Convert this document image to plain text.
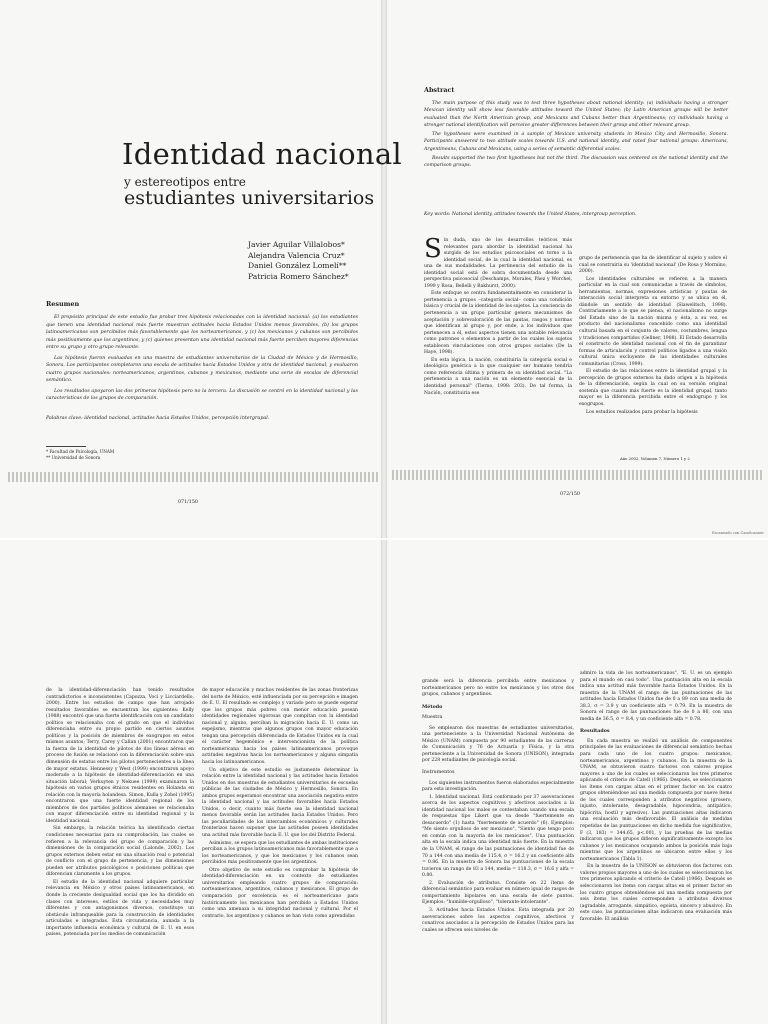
Identidad nacional
y estereotipos entre
estudiantes universitarios
Javier Aguilar Villalobos*
Alejandra Valencia Cruz*
Daniel González Lomelí**
Patricia Romero Sánchez*
Resumen

El propósito principal de este estudio fue probar tres hipótesis relacionadas con la identidad nacional: (a) los estudiantes que tienen una identidad nacional más fuerte muestran actitudes hacia Estados Unidos menos favorables, (b) los grupos latinoamericanos son percibidos más favorablemente que los norteamericanos, y (c) los mexicanos y cubanos son percibidos más positivamente que los argentinos, y (c) quienes presentan una identidad nacional más fuerte perciben mayores diferencias entre su grupo y otro grupo relevante.

Las hipótesis fueron evaluadas en una muestra de estudiantes universitarios de la Ciudad de México y de Hermosillo, Sonora. Los participantes completaron una escala de actitudes hacia Estados Unidos y otra de identidad nacional, y evaluaron cuatro grupos nacionales: norteamericanos, argentinos, cubanos y mexicanos, mediante una serie de escalas de diferencial semántico.

Los resultados apoyaron las dos primeras hipótesis pero no la tercera. La discusión se centró en la identidad nacional y las características de los grupos de comparación.

Palabras clave: identidad nacional, actitudes hacia Estados Unidos, percepción intergrupal.
* Facultad de Psicología, UNAM
** Universidad de Sonora
071/150
Abstract

The main purpose of this study was to test three hypotheses about national identity: (a) individuals having a stronger Mexican identity will show less favorable attitudes toward the United States; (b) Latin American groups will be better evaluated than the North American group, and Mexicans and Cubans better than Argentineans; (c) individuals having a stronger national identification will perceive greater differences between their group and other relevant group.

The hypotheses were examined in a sample of Mexican university students in Mexico City and Hermosillo, Sonora. Participants answered to two attitude scales towards U.S. and national identity, and rated four national groups: Americans, Argentineans, Cubans and Mexicans, using a series of semantic differential scales.

Results supported the two first hypotheses but not the third. The discussion was centered on the national identity and the comparison groups.

Key words: National identity, attitudes towards the United States, intergroup perception.

Sin duda, uno de los desarrollos teóricos más relevantes para abordar la identidad nacional ha surgido de los estudios psicosociales en torno a la identidad social, de la cual la identidad nacional, es una de sus modalidades. La pertinencia del estudio de la identidad social está de sobra documentada desde una perspectiva psicosocial (Deschamps, Morales, Páez y Worchel, 1999 y Rosa, Bellelli y Bakhurst, 2000).

Este enfoque se centra fundamentalmente en considerar la pertenencia a grupos –categoría social– como una condición básica y crucial de la identidad de los sujetos. La conciencia de pertenencia a un grupo particular genera mecanismos de aceptación y sobrevaloración de las pautas, rasgos y normas que identifican al grupo y, por ende, a los individuos que pertenecen a él, estos aspectos tienen una notable relevancia como patrones o elementos a partir de los cuales los sujetos establecen vinculaciones con otros grupos sociales (De la Haye, 1998).

En esta lógica, la nación, constituiría la categoría social e ideológica genérica a la que cualquier ser humano tendría como referencia última y primera de su identidad social. "La pertenencia a una nación es un elemento esencial de la identidad personal" (Tierno, 1998: 203). De tal forma, la Nación, constituiría ese

grupo de pertenencia que ha de identificar al sujeto y sobre el cual se construiría su 'identidad nacional' (De Rosa y Mormino, 2000).

Los identidades culturales se refieren a la manera particular en la cual son comunicadas a través de símbolos, herramientas, normas, expresiones artísticas y pautas de interacción social interpreta su entorno y se ubica en él, dándole un sentido de identidad (Slawelitsch, 1998). Contrariamente a lo que se piensa, el nacionalismo no surge del Estado sino de la nación misma y ésta, a su vez, es producto del nacionalismo concebido como una identidad cultural basada en el conjunto de valores, costumbres, lengua y tradiciones compartidos (Gellner, 1988). El Estado desarrolla el constructo de identidad nacional con el fin de garantizar formas de articulación y control políticos ligados a una visión cultural única excluyente de las identidades culturales comunitarias (Cross, 1999).

El estudio de las relaciones entre la identidad grupal y la percepción de grupos externos ha dado origen a la hipótesis de la diferenciación, según la cual en su versión original sostenía que cuanto más fuerte es la identidad grupal, tanto mayor es la diferencia percibida entre el endogrupo y los exogrupos.

Los estudios realizados para probar la hipótesis

Año 2002, Volumen 7, Número 1 y 2
072/150
Escaneado con CamScanner

de la identidad-diferenciación han tenido resultados contradictorios e inconsistentes (Capozza, Voci y Licciardello, 2000). Entre los estudios de campo que han arrojado resultados favorables se encuentran los siguientes: Kelly (1988) encontró que una fuerte identificación con un candidato político se relacionaba con el grado en que el individuo diferenciaba entre su propio partido en ciertos asuntos políticos y la posición de miembros de exogrupos en estos mismos asuntos; Terry, Carey y Callan (2001) encontraron que la fuerza de la identidad de pilotos de dos líneas aéreas en proceso de fusión se relacionó con la diferenciación sobre una dimensión de estatus entre los pilotos pertenecientes a la línea de mayor estatus. Hennessy y West (1999) encontraron apoyo moderado a la hipótesis de identidad-diferenciación en una situación laboral; Verkuyten y Nekuee (1999) examinaron la hipótesis en varios grupos étnicos residentes en Holanda en relación con la mayoría holandesa. Simon, Kulla y Zobel (1995) encontraron que una fuerte identidad regional de los miembros de dos partidos políticos alemanes se relacionaba con mayor diferenciación entre su identidad regional y la identidad nacional.

Sin embargo, la relación teórica ha identificado ciertas condiciones necesarias para su comprobación, las cuales se refieren a la relevancia del grupo de comparación y las dimensiones de la comparación social (Lalonde, 2002). Los grupos externos deben estar en una situación real o potencial de conflicto con el grupo de pertenencia, y las dimensiones pueden ser atributos psicológicos o posiciones políticas que diferencian claramente a los grupos.

El estudio de la identidad nacional adquiere particular relevancia en México y otros países latinoamericanos, en donde la creciente desigualdad social que los ha dividido en clases con intereses, estilos de vida y necesidades muy diferentes y con antagonismos diversos, constituye un obstáculo infranqueable para la construcción de identidades articuladas e integradas. Esta circunstancia, aunada a la importante influencia económica y cultural de E. U. en esos países, potenciada por los medios de comunicación

de mayor educación y muchos residentes de las zonas fronterizas del norte de México, esté influenciada por su percepción e imagen de E. U. El resultado es complejo y variado pero se puede esperar que los grupos más pobres con menor educación posean identidades regionales vigorosas que compitan con la identidad nacional y, alguno, perciban la migración hacia E. U. como un espejismo, mientras que algunos grupos con mayor educación tengan una percepción diferenciada de Estados Unidos en la cual el carácter hegemónico e intervencionista de la política norteamericana hacia los países latinoamericanos provoque actitudes negativas hacia los norteamericanos y alguna simpatía hacia los latinoamericanos.

Un objetivo de este estudio es justamente determinar la relación entre la identidad nacional y las actitudes hacia Estados Unidos en dos muestras de estudiantes universitarios de escuelas públicas de las ciudades de México y Hermosillo, Sonora. En ambos grupos esperamos encontrar una asociación negativa entre la identidad nacional y las actitudes favorables hacia Estados Unidos, o decir, cuanto más fuerte sea la identidad nacional menos favorable serán las actitudes hacia Estados Unidos. Pero las peculiaridades de los intercambios económicos y culturales fronterizos hacen suponer que las actitudes poseen identidades una actitud más favorable hacia E. U. que los del Distrito Federal.

Asimismo, se espera que los estudiantes de ambas instituciones perciban a los grupos latinoamericanos más favorablemente que a los norteamericanos, y que los mexicanos y los cubanos sean percibidos más positivamente que los argentinos.

Otro objetivo de este estudio es comprobar la hipótesis de identidad-diferenciación en un contexto de estudiantes universitarios empleando cuatro grupos de comparación: norteamericanos, argentinos, cubanos y mexicanos. El grupo de comparación por excelencia es el norteamericano para históricamente los mexicanos han percibido a Estados Unidos como una amenaza a su integridad nacional y cultural. Por el contrario, los argentinos y cubanos se han visto como aprendidas

grande será la diferencia percibida entre mexicanos y norteamericanos pero no entre los mexicanos y los otros dos grupos, cubanos y argentinos.

Método
Muestra

Se emplearon dos muestras de estudiantes universitarios, una perteneciente a la Universidad Nacional Autónoma de México (UNAM) compuesta por 90 estudiantes de las carreras de Comunicación y 76 de Actuaría y Física, y la otra perteneciente a la Universidad de Sonora (UNISON), integrada por 228 estudiantes de psicología social.

Instrumentos

Los siguientes instrumentos fueron elaborados especialmente para esta investigación.

1. Identidad nacional. Está conformado por 37 aseveraciones acerca de los aspectos cognitivos y afectivos asociados a la identidad nacional los males se contestaban usando una escala de respuestas tipo Likert que va desde "fuertemente en desacuerdo" (1) hasta "fuertemente de acuerdo" (6). Ejemplos: "Me siento orgulloso de ser mexicano", "Siento que tengo poco en común con la mayoría de los mexicanos". Una puntuación alta en la escala indica una identidad más fuerte. En la muestra de la UNAM, el rango de las puntuaciones de identidad fue de 70 a 144 con una media de 115.4, σ = 16.2 y un coeficiente alfa = 0.86. En la muestra de Sonora las puntuaciones de la escala tuvieron un rango de 83 a 144, media = 118.3, σ = 16.6 y alfa = 0.80.

2. Evaluación de atributos. Consiste en 22 ítems de diferencial semántico para evaluar en número igual de rasgos de comportamiento bipolares en una escala de siete puntos. Ejemplos: "humilde-orgulloso", "tolerante-intolerante".

3. Actitudes hacia Estados Unidos. Esta integrada por 20 aseveraciones sobre los aspectos cognitivos, afectivos y conativos asociados a la percepción de Estados Unidos para las cuales se ofrecen seis niveles de

admiro la vida de los norteamericanos", "E. U. es un ejemplo para el mundo en casi todo". Una puntuación alta en la escala indica una actitud más favorable hacia Estados Unidos. En la muestra de la UNAM el rango de las puntuaciones de las actitudes hacia Estados Unidos fue de 0 a 89 con una media de 38.3, σ = 3.9 y un coeficiente alfa = 0.79. En la muestra de Sonora el rango de las puntuaciones fue de 0 a 86, con una media de 36.5, σ = 8.4, y un coeficiente alfa = 0.78.

Resultados

En cada muestra se realizó un análisis de componentes principales de las evaluaciones de diferencial semántico hechas para cada uno de los cuatro grupos: mexicanos, norteamericanos, argentinos y cubanos. En la muestra de la UNAM, se obtuvieron cuatro factores con valores propios mayores a uno de los cuales se seleccionaron los tres primeros aplicando el criterio de Catell (1966). Después, se seleccionaron los ítems con cargas altas en el primer factor en los cuatro grupos obteniéndose así una medida compuesta por nueve ítems de los cuales corresponden a atributos negativos (grosero, injusto, intolerante, desagradable, hipocondria, antipático, hipócrita, hostil y agresivo). Las puntuaciones altas indicaron una evaluación más desfavorable. El análisis de medidas repetidas de las puntuaciones en dicho medida fue significativo, F (3, 183) = 344.65, p<.001, y las pruebas de las medias indicaron que los grupos difieren significativamente excepto los cubanos y los mexicanos ocupando ambos la posición más baja mientras que los argentinos se ubicaron entre ellos y los norteamericanos (Tabla 1).

En la muestra de la UNISON se obtuvieron dos factores con valores propios mayores a uno de los cuales se seleccionaron los tres primeros aplicando el criterio de Catell (1966). Después se seleccionaron los ítems con cargas altas en el primer factor en los cuatro grupos obteniéndose así una medida compuesta por seis ítems los cuales corresponden a atributos diversos (agradable, arrogante, simpático, egoísta, sincero y abusivo). En este caso, las puntuaciones altas indicaron una evaluación más favorable. El análisis
